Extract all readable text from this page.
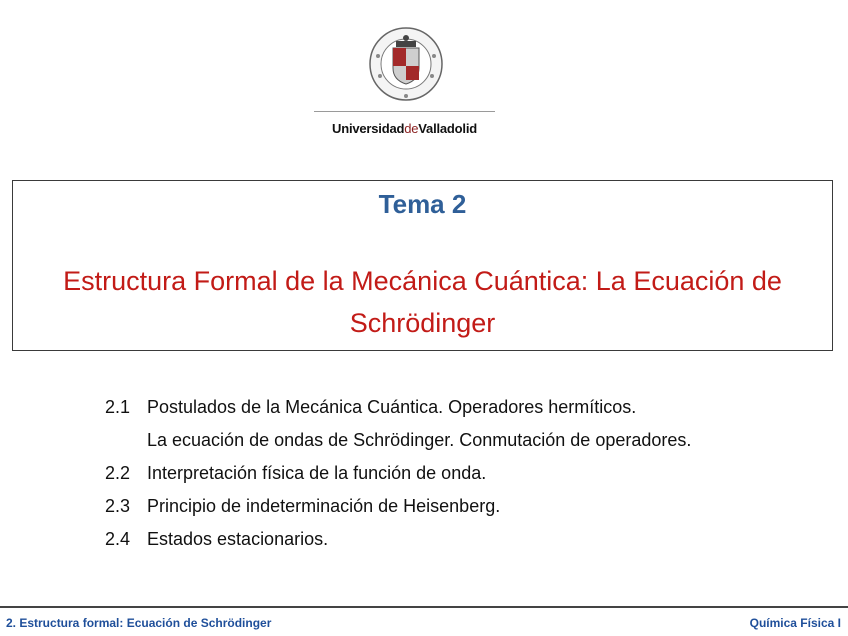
UniversidaddeValladolid
Tema 2
Estructura Formal de la Mecánica Cuántica: La Ecuación de
Schrödinger
2.1 Postulados de la Mecánica Cuántica. Operadores hermíticos.
La ecuación de ondas de Schrödinger. Conmutación de operadores.
2.2 Interpretación física de la función de onda.
2.3 Principio de indeterminación de Heisenberg.
2.4 Estados estacionarios.
2. Estructura formal: Ecuación de Schrödinger	Química Física I
